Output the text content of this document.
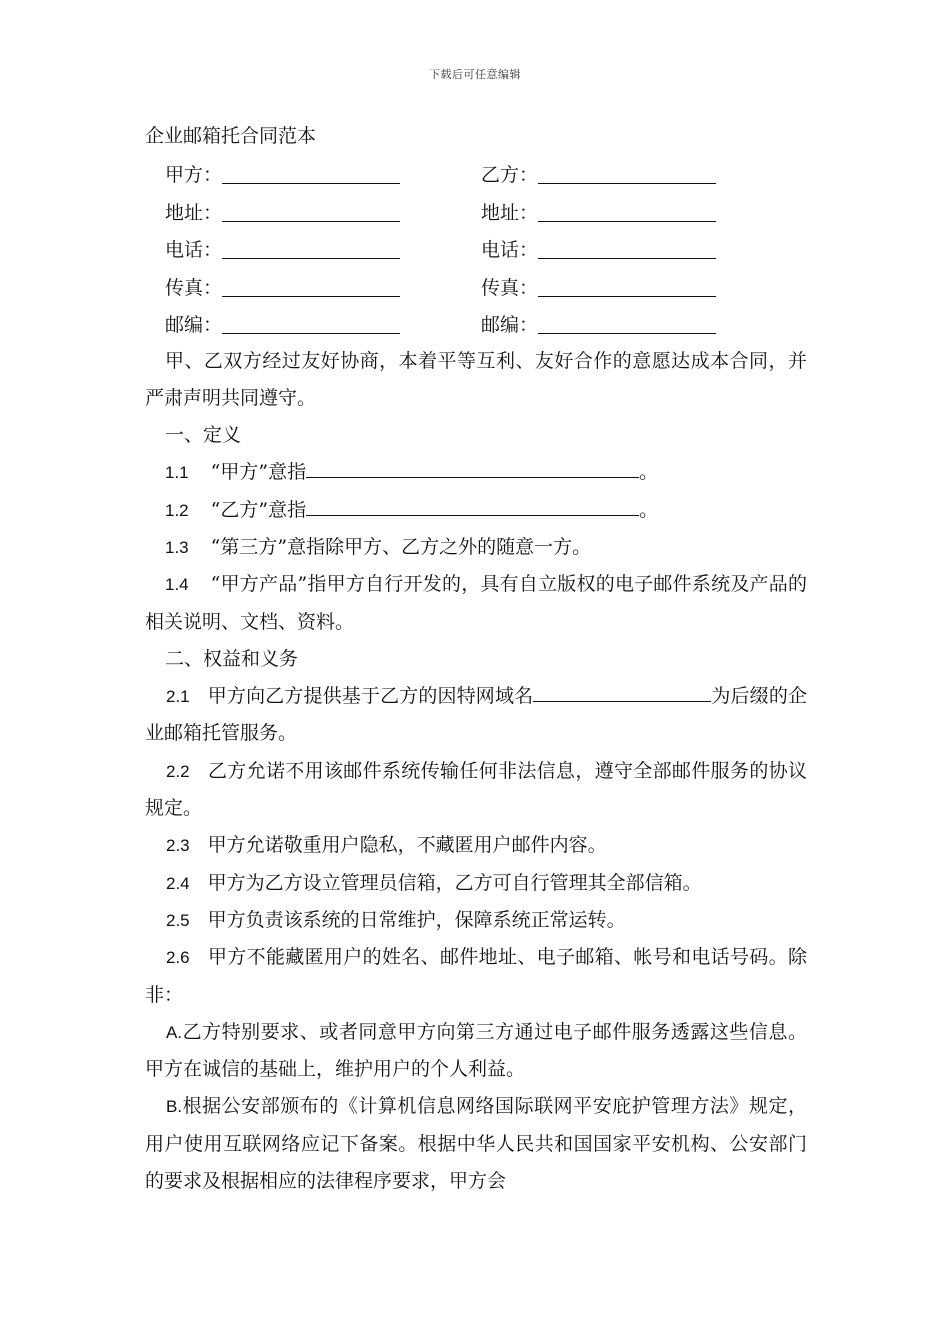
下载后可任意编辑
企业邮箱托合同范本
甲方：	乙方：
地址：	地址：
电话：	电话：
传真：	传真：
邮编：	邮编：

甲、乙双方经过友好协商，本着平等互利、友好合作的意愿达成本合同，并严肃声明共同遵守。

一、定义

1.1 “甲方”意指	。

1.2 “乙方”意指	。

1.3 “第三方”意指除甲方、乙方之外的随意一方。

1.4 “甲方产品”指甲方自行开发的，具有自立版权的电子邮件系统及产品的相关说明、文档、资料。

二、权益和义务

2.1 甲方向乙方提供基于乙方的因特网域名	为后缀的企业邮箱托管服务。

2.2 乙方允诺不用该邮件系统传输任何非法信息，遵守全部邮件服务的协议规定。

2.3 甲方允诺敬重用户隐私，不藏匿用户邮件内容。

2.4 甲方为乙方设立管理员信箱，乙方可自行管理其全部信箱。

2.5 甲方负责该系统的日常维护，保障系统正常运转。

2.6 甲方不能藏匿用户的姓名、邮件地址、电子邮箱、帐号和电话号码。除非：

A.乙方特别要求、或者同意甲方向第三方通过电子邮件服务透露这些信息。甲方在诚信的基础上，维护用户的个人利益。

B.根据公安部颁布的《计算机信息网络国际联网平安庇护管理方法》规定，用户使用互联网络应记下备案。根据中华人民共和国国家平安机构、公安部门的要求及根据相应的法律程序要求，甲方会
